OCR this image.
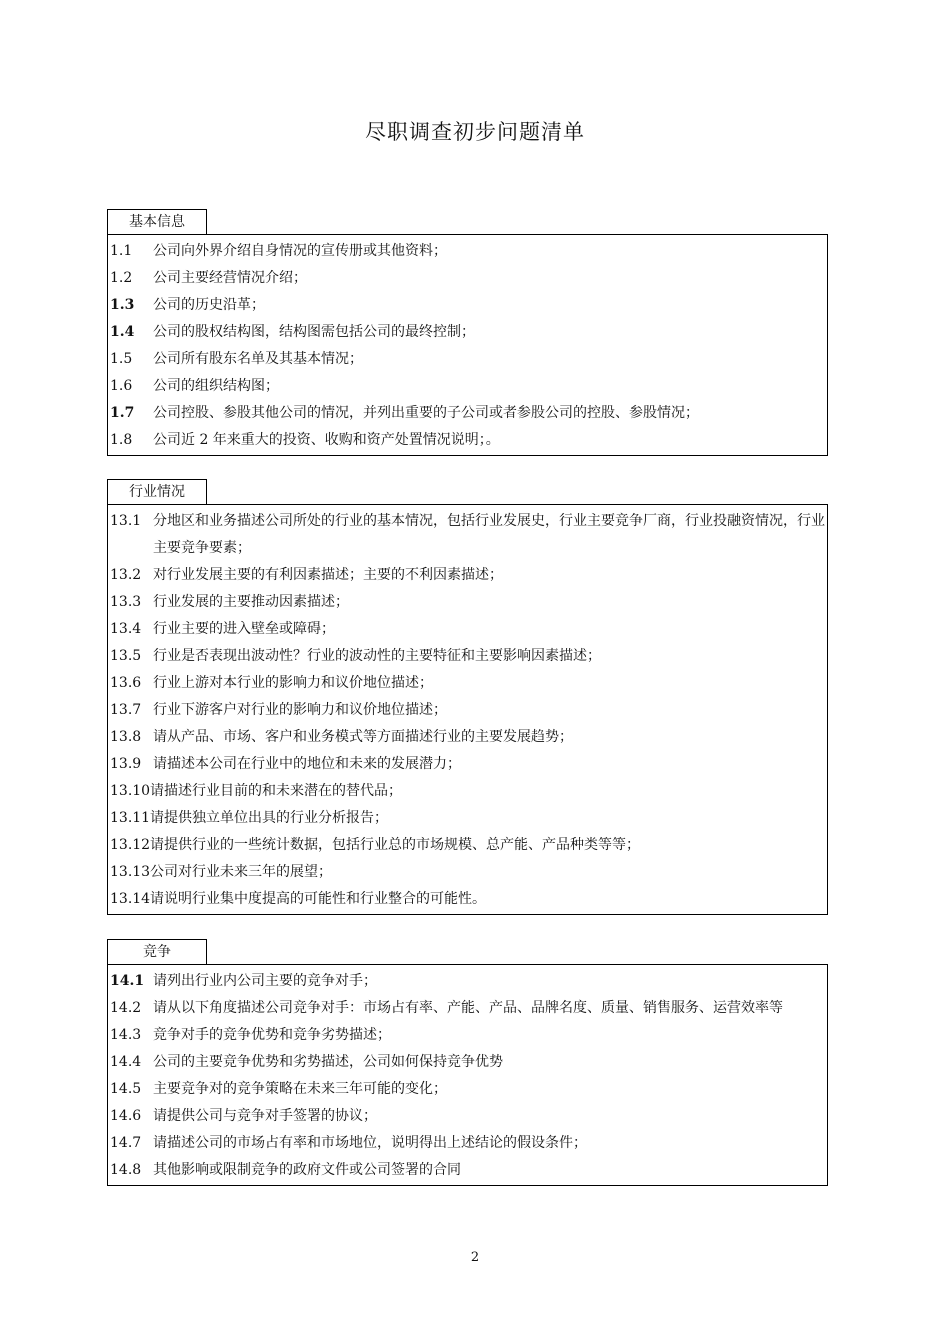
尽职调查初步问题清单
基本信息
1.1	公司向外界介绍自身情况的宣传册或其他资料；
1.2	公司主要经营情况介绍；
1.3	公司的历史沿革；
1.4	公司的股权结构图，结构图需包括公司的最终控制；
1.5	公司所有股东名单及其基本情况；
1.6	公司的组织结构图；
1.7	公司控股、参股其他公司的情况，并列出重要的子公司或者参股公司的控股、参股情况；
1.8	公司近 2 年来重大的投资、收购和资产处置情况说明；。
行业情况
13.1 分地区和业务描述公司所处的行业的基本情况，包括行业发展史，行业主要竞争厂商，行业投融资情况，行业主要竞争要素；
13.2 对行业发展主要的有利因素描述；主要的不利因素描述；
13.3 行业发展的主要推动因素描述；
13.4 行业主要的进入壁垒或障碍；
13.5 行业是否表现出波动性？行业的波动性的主要特征和主要影响因素描述；
13.6 行业上游对本行业的影响力和议价地位描述；
13.7 行业下游客户对行业的影响力和议价地位描述；
13.8 请从产品、市场、客户和业务模式等方面描述行业的主要发展趋势；
13.9 请描述本公司在行业中的地位和未来的发展潜力；
13.10 请描述行业目前的和未来潜在的替代品；
13.11 请提供独立单位出具的行业分析报告；
13.12 请提供行业的一些统计数据，包括行业总的市场规模、总产能、产品种类等等；
13.13 公司对行业未来三年的展望；
13.14 请说明行业集中度提高的可能性和行业整合的可能性。
竞争
14.1 请列出行业内公司主要的竞争对手；
14.2 请从以下角度描述公司竞争对手：市场占有率、产能、产品、品牌名度、质量、销售服务、运营效率等
14.3 竞争对手的竞争优势和竞争劣势描述；
14.4 公司的主要竞争优势和劣势描述，公司如何保持竞争优势
14.5 主要竞争对的竞争策略在未来三年可能的变化；
14.6 请提供公司与竞争对手签署的协议；
14.7 请描述公司的市场占有率和市场地位，说明得出上述结论的假设条件；
14.8 其他影响或限制竞争的政府文件或公司签署的合同
2
